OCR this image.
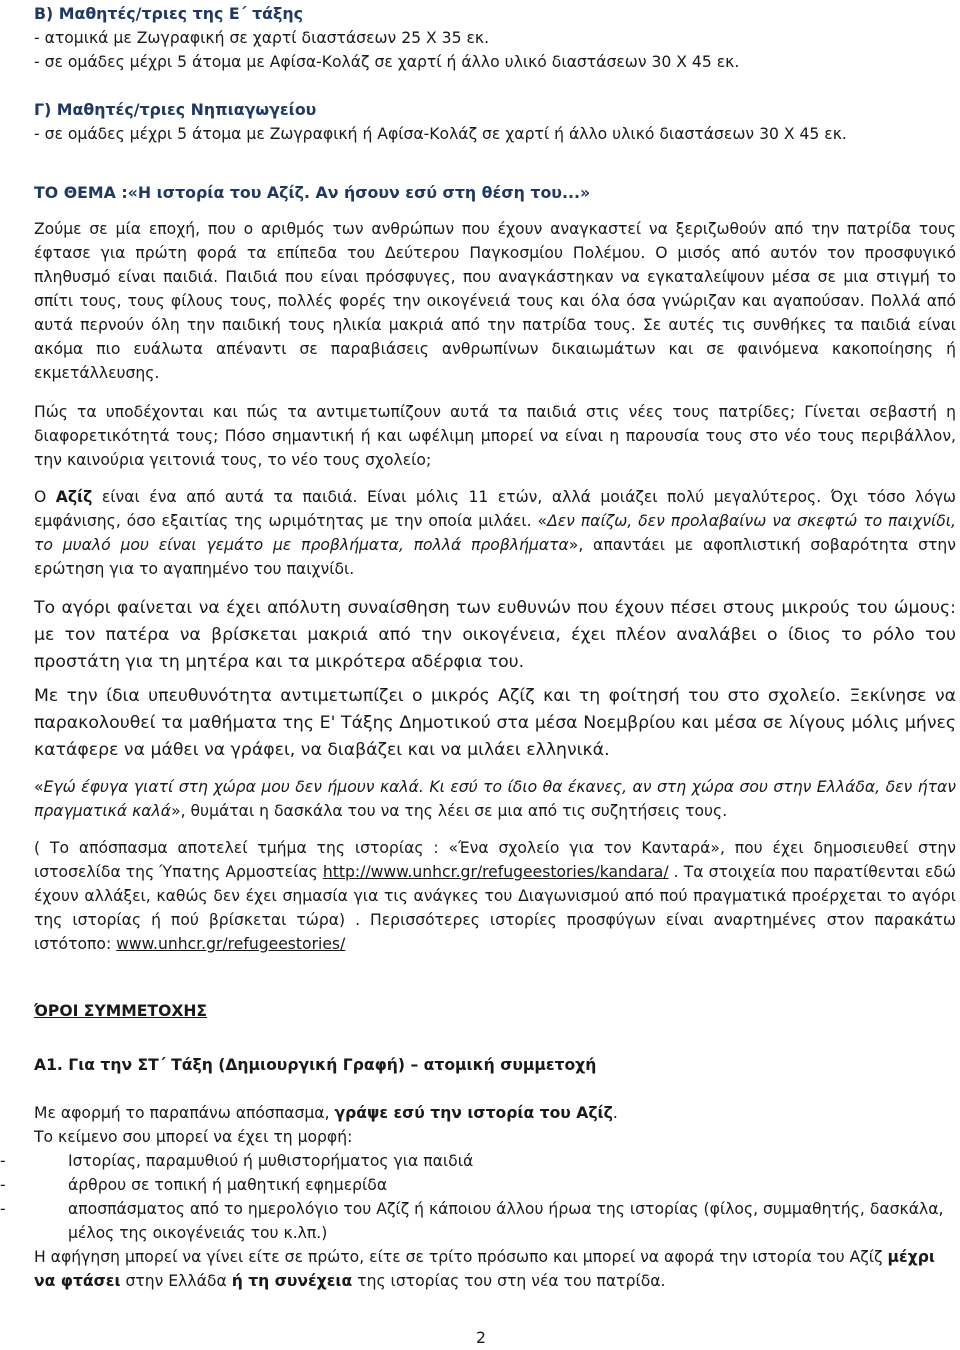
Β) Μαθητές/τριες της Ε΄ τάξης
- ατομικά με Ζωγραφική σε χαρτί διαστάσεων 25 Χ 35 εκ.
- σε ομάδες μέχρι 5 άτομα με Αφίσα-Κολάζ σε χαρτί ή άλλο υλικό διαστάσεων 30 Χ 45 εκ.
Γ) Μαθητές/τριες Νηπιαγωγείου
- σε ομάδες μέχρι 5 άτομα με Ζωγραφική ή Αφίσα-Κολάζ σε χαρτί ή άλλο υλικό διαστάσεων 30 Χ 45 εκ.
ΤΟ ΘΕΜΑ :«Η ιστορία του Αζίζ. Αν ήσουν εσύ στη θέση του...»

Ζούμε σε μία εποχή, που ο αριθμός των ανθρώπων που έχουν αναγκαστεί να ξεριζωθούν από την πατρίδα τους έφτασε για πρώτη φορά τα επίπεδα του Δεύτερου Παγκοσμίου Πολέμου. Ο μισός από αυτόν τον προσφυγικό πληθυσμό είναι παιδιά. Παιδιά που είναι πρόσφυγες, που αναγκάστηκαν να εγκαταλείψουν μέσα σε μια στιγμή το σπίτι τους, τους φίλους τους, πολλές φορές την οικογένειά τους και όλα όσα γνώριζαν και αγαπούσαν. Πολλά από αυτά περνούν όλη την παιδική τους ηλικία μακριά από την πατρίδα τους. Σε αυτές τις συνθήκες τα παιδιά είναι ακόμα πιο ευάλωτα απέναντι σε παραβιάσεις ανθρωπίνων δικαιωμάτων και σε φαινόμενα κακοποίησης ή εκμετάλλευσης.

Πώς τα υποδέχονται και πώς τα αντιμετωπίζουν αυτά τα παιδιά στις νέες τους πατρίδες; Γίνεται σεβαστή η διαφορετικότητά τους; Πόσο σημαντική ή και ωφέλιμη μπορεί να είναι η παρουσία τους στο νέο τους περιβάλλον, την καινούρια γειτονιά τους, το νέο τους σχολείο;

Ο Αζίζ είναι ένα από αυτά τα παιδιά. Είναι μόλις 11 ετών, αλλά μοιάζει πολύ μεγαλύτερος. Όχι τόσο λόγω εμφάνισης, όσο εξαιτίας της ωριμότητας με την οποία μιλάει. «Δεν παίζω, δεν προλαβαίνω να σκεφτώ το παιχνίδι, το μυαλό μου είναι γεμάτο με προβλήματα, πολλά προβλήματα», απαντάει με αφοπλιστική σοβαρότητα στην ερώτηση για το αγαπημένο του παιχνίδι.

Το αγόρι φαίνεται να έχει απόλυτη συναίσθηση των ευθυνών που έχουν πέσει στους μικρούς του ώμους: με τον πατέρα να βρίσκεται μακριά από την οικογένεια, έχει πλέον αναλάβει ο ίδιος το ρόλο του προστάτη για τη μητέρα και τα μικρότερα αδέρφια του.

Με την ίδια υπευθυνότητα αντιμετωπίζει ο μικρός Αζίζ και τη φοίτησή του στο σχολείο. Ξεκίνησε να παρακολουθεί τα μαθήματα της Ε' Τάξης Δημοτικού στα μέσα Νοεμβρίου και μέσα σε λίγους μόλις μήνες κατάφερε να μάθει να γράφει, να διαβάζει και να μιλάει ελληνικά.

«Εγώ έφυγα γιατί στη χώρα μου δεν ήμουν καλά. Κι εσύ το ίδιο θα έκανες, αν στη χώρα σου στην Ελλάδα, δεν ήταν πραγματικά καλά», θυμάται η δασκάλα του να της λέει σε μια από τις συζητήσεις τους.

( Το απόσπασμα αποτελεί τμήμα της ιστορίας : «Ένα σχολείο για τον Κανταρά», που έχει δημοσιευθεί στην ιστοσελίδα της Ύπατης Αρμοστείας http://www.unhcr.gr/refugeestories/kandara/ . Τα στοιχεία που παρατίθενται εδώ έχουν αλλάξει, καθώς δεν έχει σημασία για τις ανάγκες του Διαγωνισμού από πού πραγματικά προέρχεται το αγόρι της ιστορίας ή πού βρίσκεται τώρα) . Περισσότερες ιστορίες προσφύγων είναι αναρτημένες στον παρακάτω ιστότοπο: www.unhcr.gr/refugeestories/

ΌΡΟΙ ΣΥΜΜΕΤΟΧΗΣ
Α1. Για την ΣΤ΄ Τάξη (Δημιουργική Γραφή) – ατομική συμμετοχή
Με αφορμή το παραπάνω απόσπασμα, γράψε εσύ την ιστορία του Αζίζ.
Το κείμενο σου μπορεί να έχει τη μορφή:
-	Ιστορίας, παραμυθιού ή μυθιστορήματος για παιδιά
-	άρθρου σε τοπική ή μαθητική εφημερίδα
-	αποσπάσματος από το ημερολόγιο του Αζίζ ή κάποιου άλλου ήρωα της ιστορίας (φίλος, συμμαθητής, δασκάλα, μέλος της οικογένειάς του κ.λπ.)
Η αφήγηση μπορεί να γίνει είτε σε πρώτο, είτε σε τρίτο πρόσωπο και μπορεί να αφορά την ιστορία του Αζίζ μέχρι να φτάσει στην Ελλάδα ή τη συνέχεια της ιστορίας του στη νέα του πατρίδα.
2
